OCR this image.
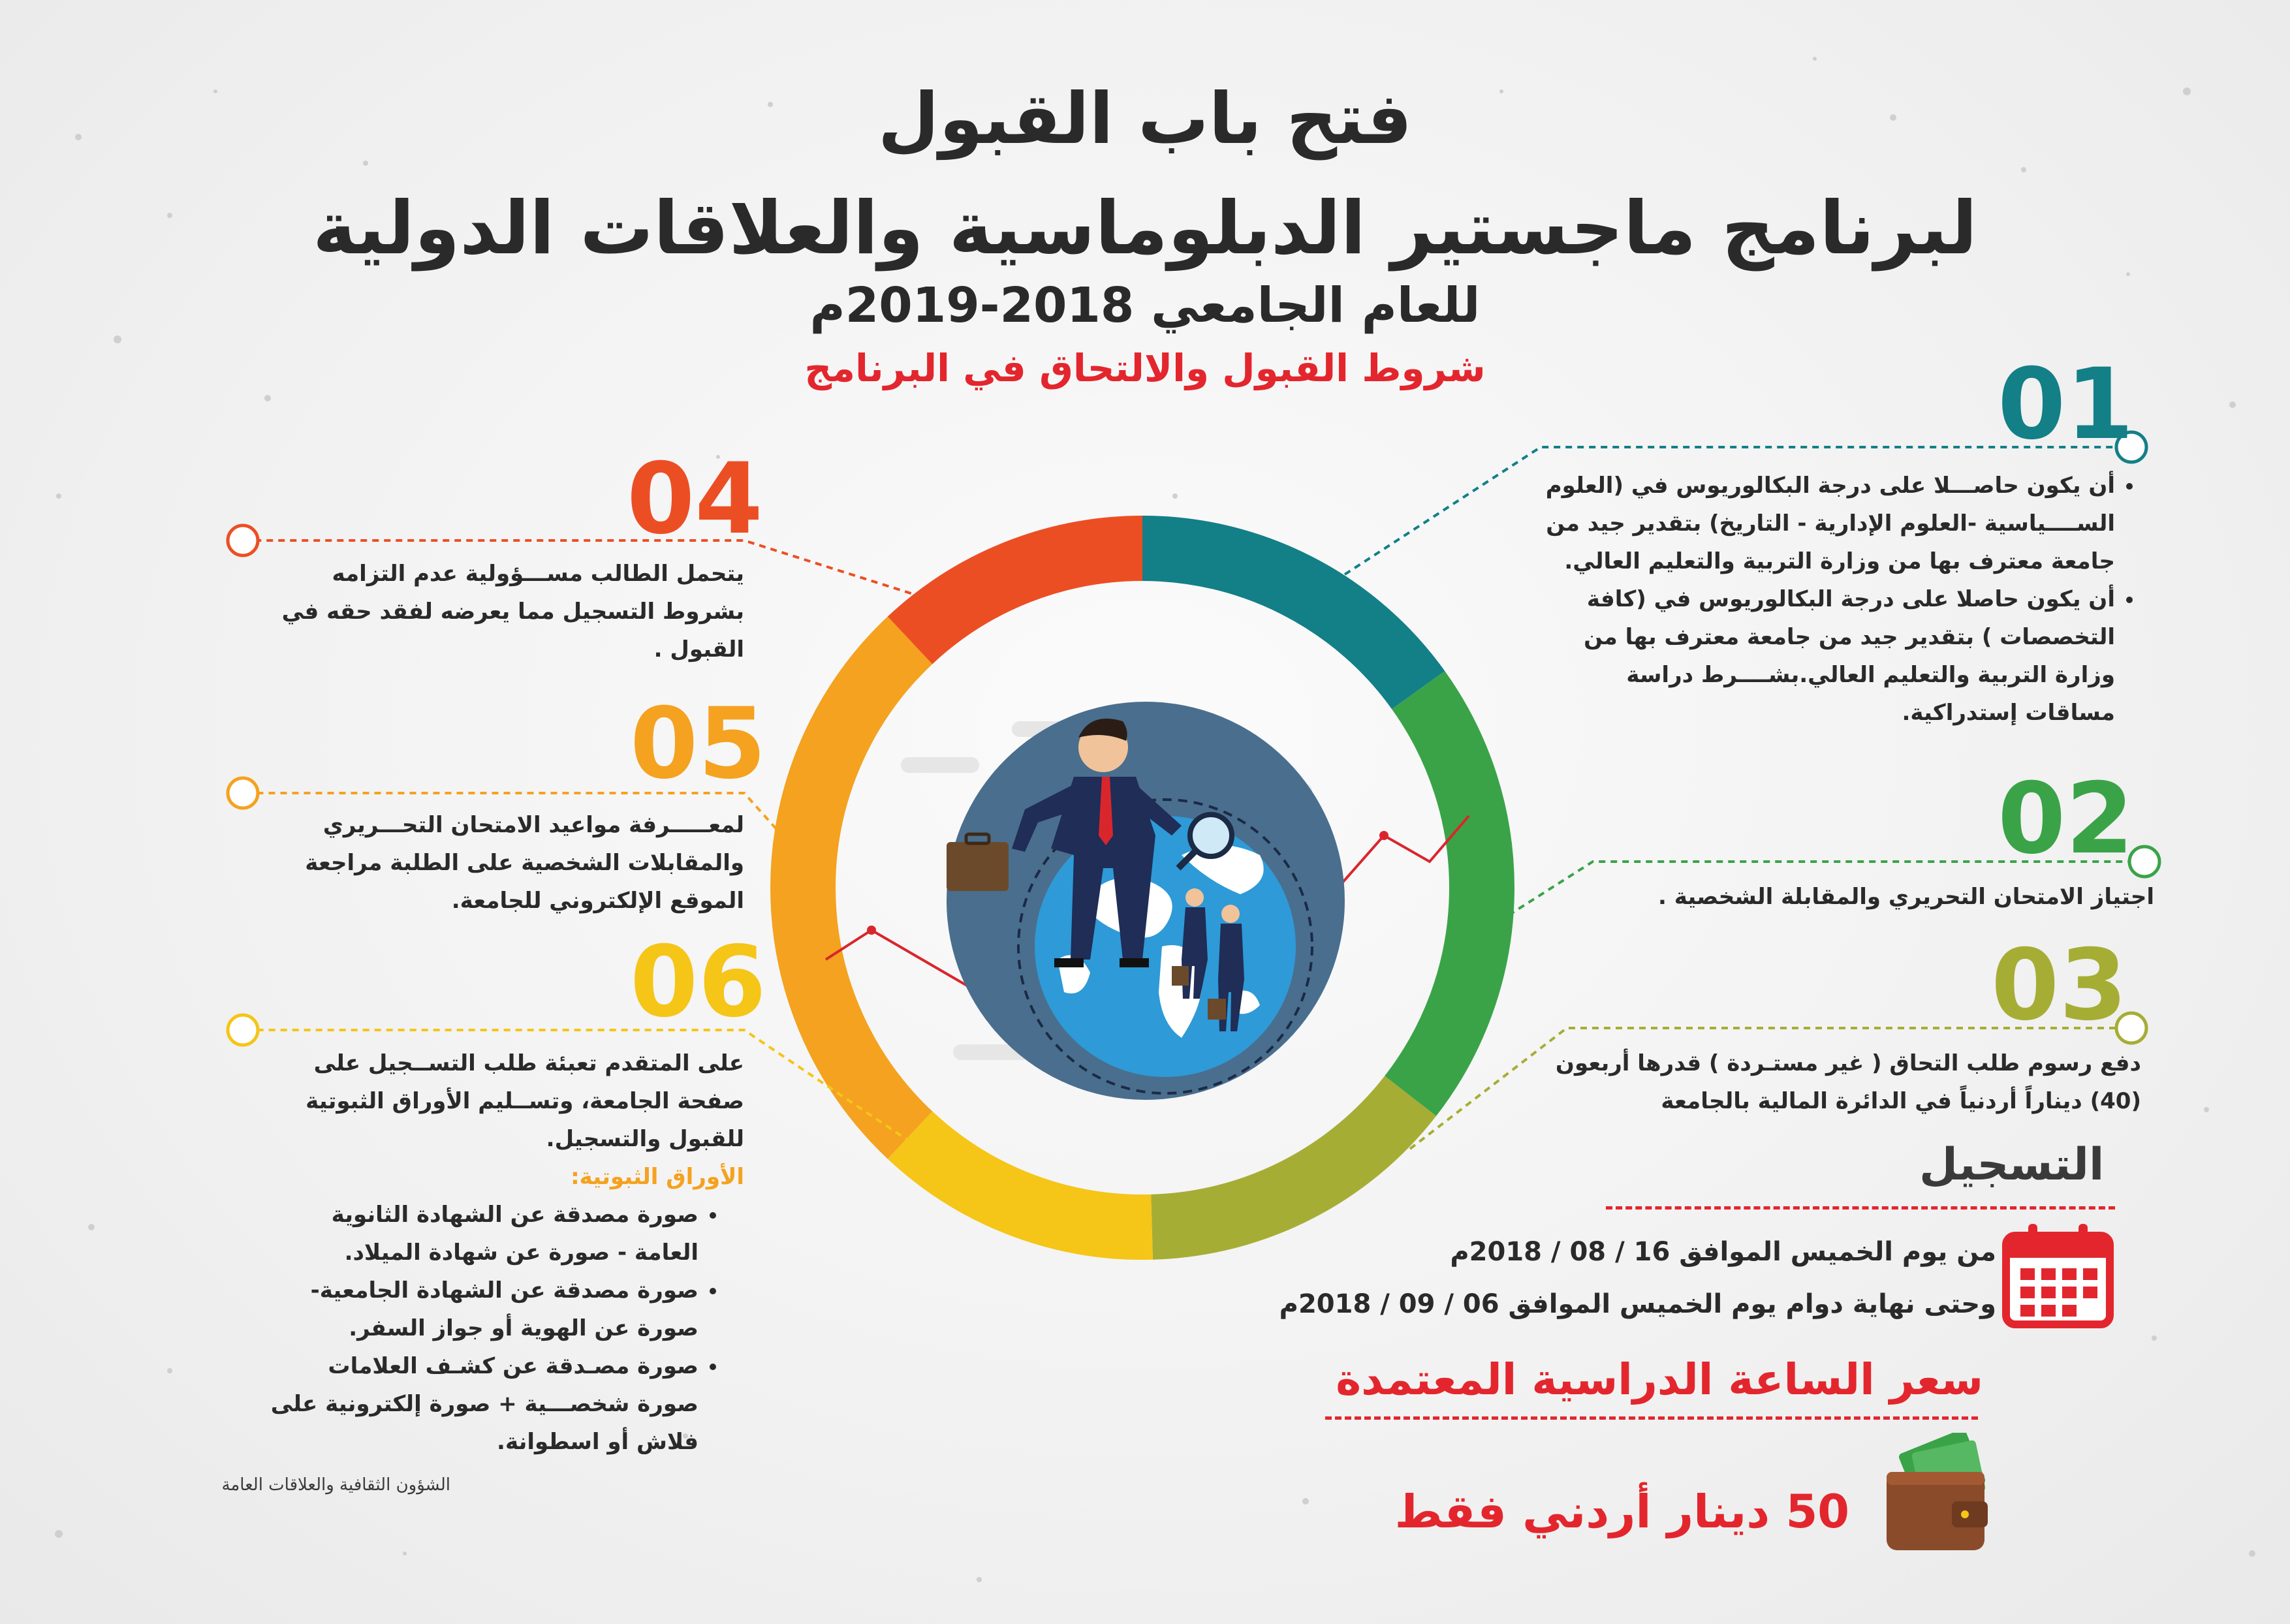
فتح باب القبول
لبرنامج ماجستير الدبلوماسية والعلاقات الدولية
للعام الجامعي 2018-2019م
شروط القبول والالتحاق في البرنامج	01
• أن يكون حاصـــلا على درجة البكالوريوس في (العلوم الســــياسية -العلوم الإدارية - التاريخ) بتقدير جيد من جامعة معترف بها من وزارة التربية والتعليم العالي.
• أن يكون حاصلا على درجة البكالوريوس في (كافة التخصصات ) بتقدير جيد من جامعة معترف بها من وزارة التربية والتعليم العالي.بشــــرط دراسة مساقات إستدراكية.
02
اجتياز الامتحان التحريري والمقابلة الشخصية .
03
دفع رسوم طلب التحاق ( غير مستـردة ) قدرها أربعون (40) ديناراً أردنياً في الدائرة المالية بالجامعة
04
يتحمل الطالب مســـؤولية عدم التزامه بشروط التسجيل مما يعرضه لفقد حقه في القبول .
05
لمعـــــرفة مواعيد الامتحان التحـــريري والمقابلات الشخصية على الطلبة مراجعة الموقع الإلكتروني للجامعة.
06
على المتقدم تعبئة طلب التســجيل على صفحة الجامعة، وتســليم الأوراق الثبوتية للقبول والتسجيل.
الأوراق الثبوتية:
• صورة مصدقة عن الشهادة الثانوية العامة - صورة عن شهادة الميلاد.
• صورة مصدقة عن الشهادة الجامعية- صورة عن الهوية أو جواز السفر.
• صورة مصـدقة عن كشـف العلامات صورة شخصـــية + صورة إلكترونية على فلاش أو اسطوانة.
التسجيل
من يوم الخميس الموافق 16 / 08 / 2018م
وحتى نهاية دوام يوم الخميس الموافق 06 / 09 / 2018م
سعر الساعة الدراسية المعتمدة
50 دينار أردني فقط
الشؤون الثقافية والعلاقات العامة
